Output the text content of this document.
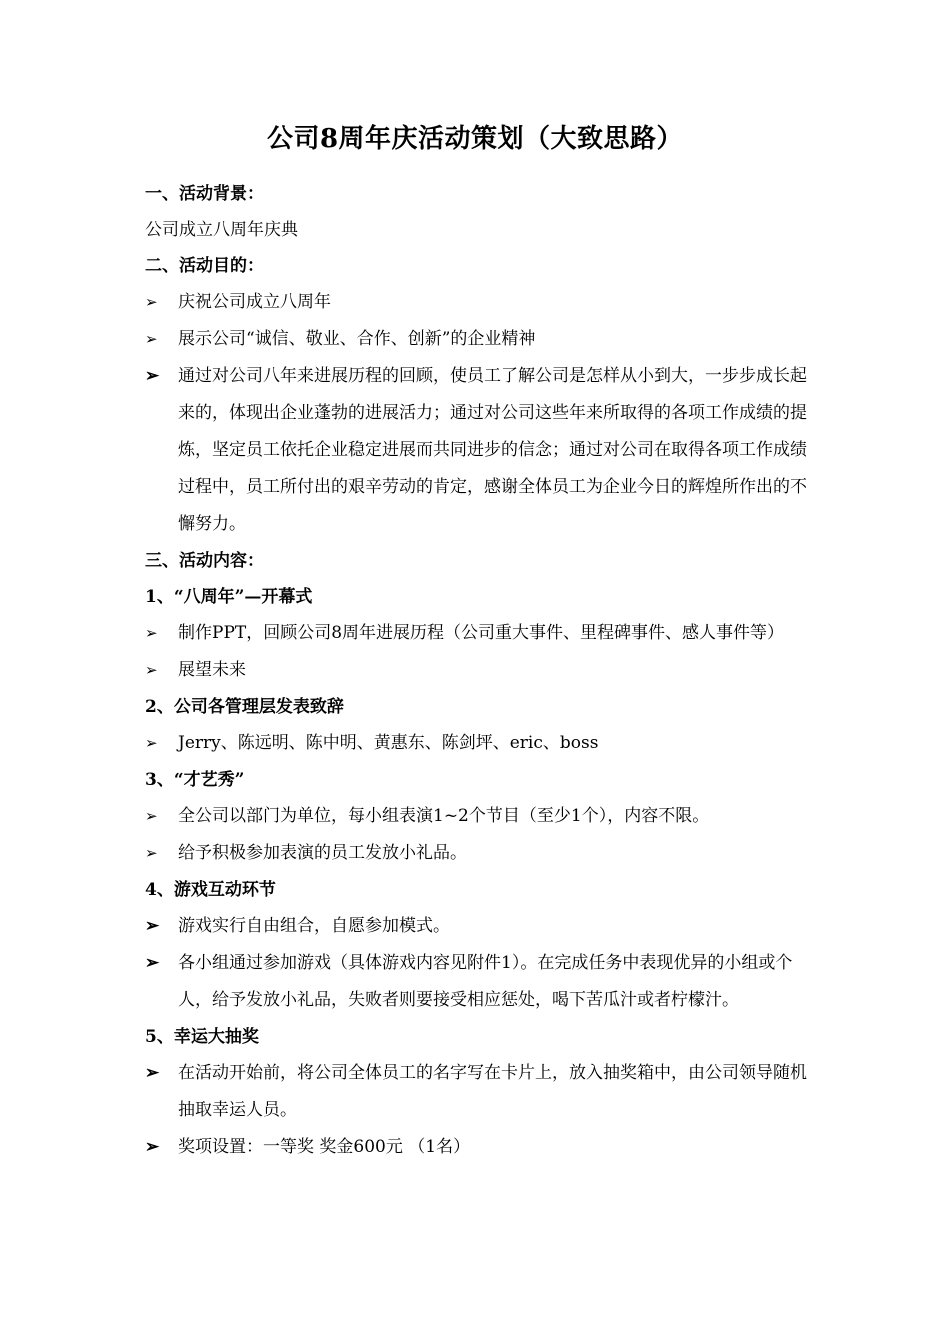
公司8周年庆活动策划（大致思路）
一、活动背景：
公司成立八周年庆典
二、活动目的：
➢ 庆祝公司成立八周年
➢ 展示公司“诚信、敬业、合作、创新”的企业精神
➢ 通过对公司八年来进展历程的回顾，使员工了解公司是怎样从小到大，一步步成长起来的，体现出企业蓬勃的进展活力；通过对公司这些年来所取得的各项工作成绩的提炼，坚定员工依托企业稳定进展而共同进步的信念；通过对公司在取得各项工作成绩过程中，员工所付出的艰辛劳动的肯定，感谢全体员工为企业今日的辉煌所作出的不懈努力。
三、活动内容：
1、“八周年”—开幕式
➢ 制作PPT，回顾公司8周年进展历程（公司重大事件、里程碑事件、感人事件等）
➢ 展望未来
2、公司各管理层发表致辞
➢ Jerry、陈远明、陈中明、黄惠东、陈剑坪、eric、boss
3、“才艺秀”
➢ 全公司以部门为单位，每小组表演1~2个节目（至少1个），内容不限。
➢ 给予积极参加表演的员工发放小礼品。
4、游戏互动环节
➢ 游戏实行自由组合，自愿参加模式。
➢ 各小组通过参加游戏（具体游戏内容见附件1）。在完成任务中表现优异的小组或个人，给予发放小礼品，失败者则要接受相应惩处，喝下苦瓜汁或者柠檬汁。
5、幸运大抽奖
➢ 在活动开始前，将公司全体员工的名字写在卡片上，放入抽奖箱中，由公司领导随机抽取幸运人员。
➢ 奖项设置：一等奖 奖金600元 （1名）
